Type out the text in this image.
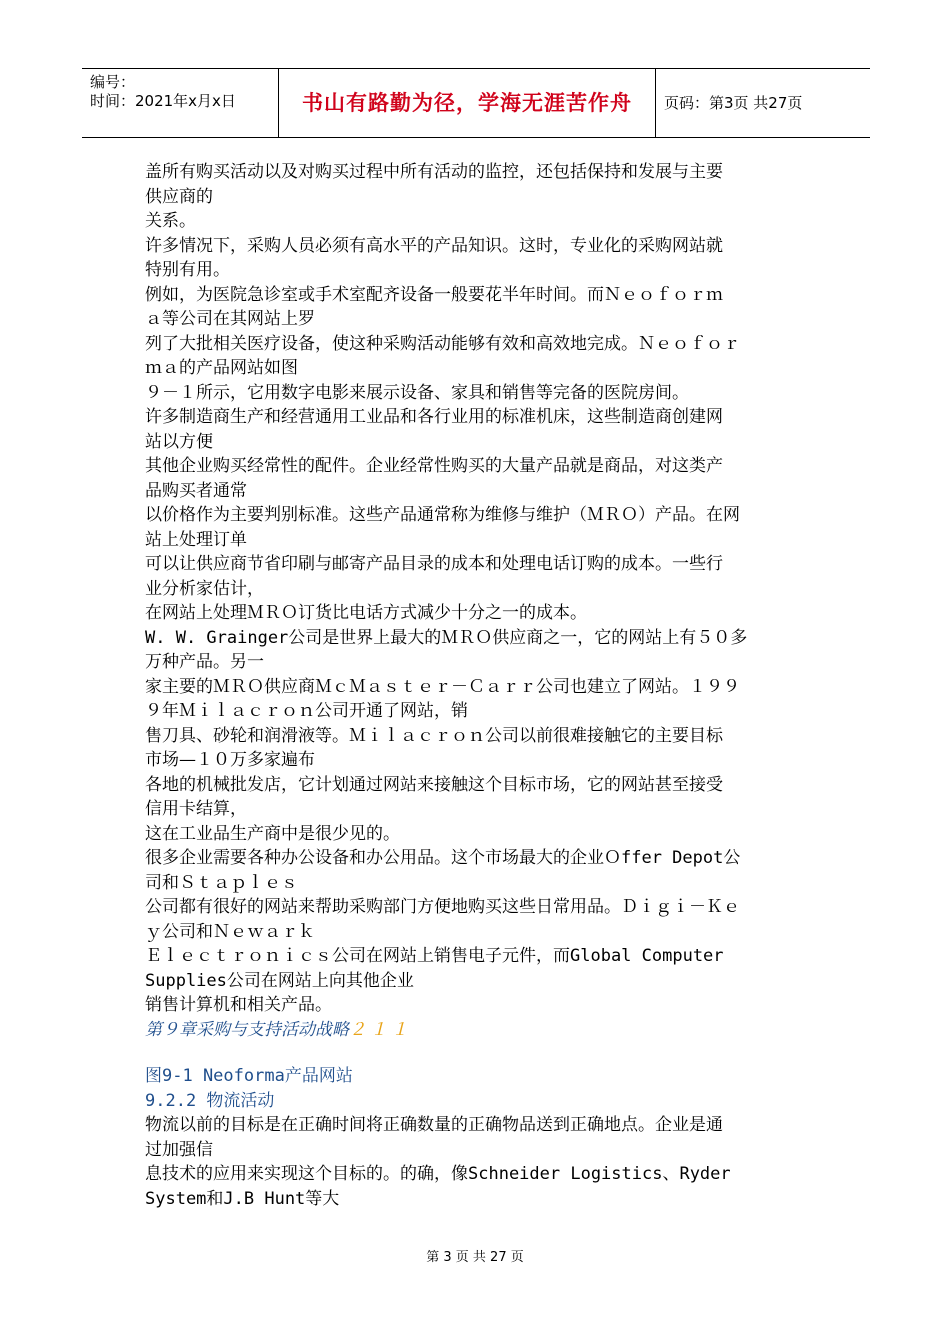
编号：
时间：2021年x月x日	书山有路勤为径，学海无涯苦作舟	页码：第3页 共27页
盖所有购买活动以及对购买过程中所有活动的监控，还包括保持和发展与主要
供应商的
关系。
许多情况下，采购人员必须有高水平的产品知识。这时，专业化的采购网站就
特别有用。
例如，为医院急诊室或手术室配齐设备一般要花半年时间。而Ｎｅｏｆｏｒｍ
ａ等公司在其网站上罗
列了大批相关医疗设备，使这种采购活动能够有效和高效地完成。Ｎｅｏｆｏｒ
ｍａ的产品网站如图
９－１所示，它用数字电影来展示设备、家具和销售等完备的医院房间。
许多制造商生产和经营通用工业品和各行业用的标准机床，这些制造商创建网
站以方便
其他企业购买经常性的配件。企业经常性购买的大量产品就是商品，对这类产
品购买者通常
以价格作为主要判别标准。这些产品通常称为维修与维护（ＭＲＯ）产品。在网
站上处理订单
可以让供应商节省印刷与邮寄产品目录的成本和处理电话订购的成本。一些行
业分析家估计，
在网站上处理ＭＲＯ订货比电话方式减少十分之一的成本。
W. W. Grainger公司是世界上最大的ＭＲＯ供应商之一，它的网站上有５０多
万种产品。另一
家主要的ＭＲＯ供应商ＭｃＭａｓｔｅｒ－Ｃａｒｒ公司也建立了网站。１９９
９年Ｍｉｌａｃｒｏｎ公司开通了网站，销
售刀具、砂轮和润滑液等。Ｍｉｌａｃｒｏｎ公司以前很难接触它的主要目标
市场—１０万多家遍布
各地的机械批发店，它计划通过网站来接触这个目标市场，它的网站甚至接受
信用卡结算，
这在工业品生产商中是很少见的。
很多企业需要各种办公设备和办公用品。这个市场最大的企业Ｏffer Depot公
司和Ｓｔａｐｌｅｓ
公司都有很好的网站来帮助采购部门方便地购买这些日常用品。Ｄｉｇｉ－Ｋｅ
ｙ公司和Ｎｅｗａｒｋ
Ｅｌｅｃｔｒｏｎｉｃｓ公司在网站上销售电子元件，而Global Computer
Supplies公司在网站上向其他企业
销售计算机和相关产品。
第９章采购与支持活动战略２１１
图9-1 Neoforma产品网站
9.2.2 物流活动
物流以前的目标是在正确时间将正确数量的正确物品送到正确地点。企业是通
过加强信
息技术的应用来实现这个目标的。的确，像Schneider Logistics、Ryder
System和J.B Hunt等大
第 3 页 共 27 页
